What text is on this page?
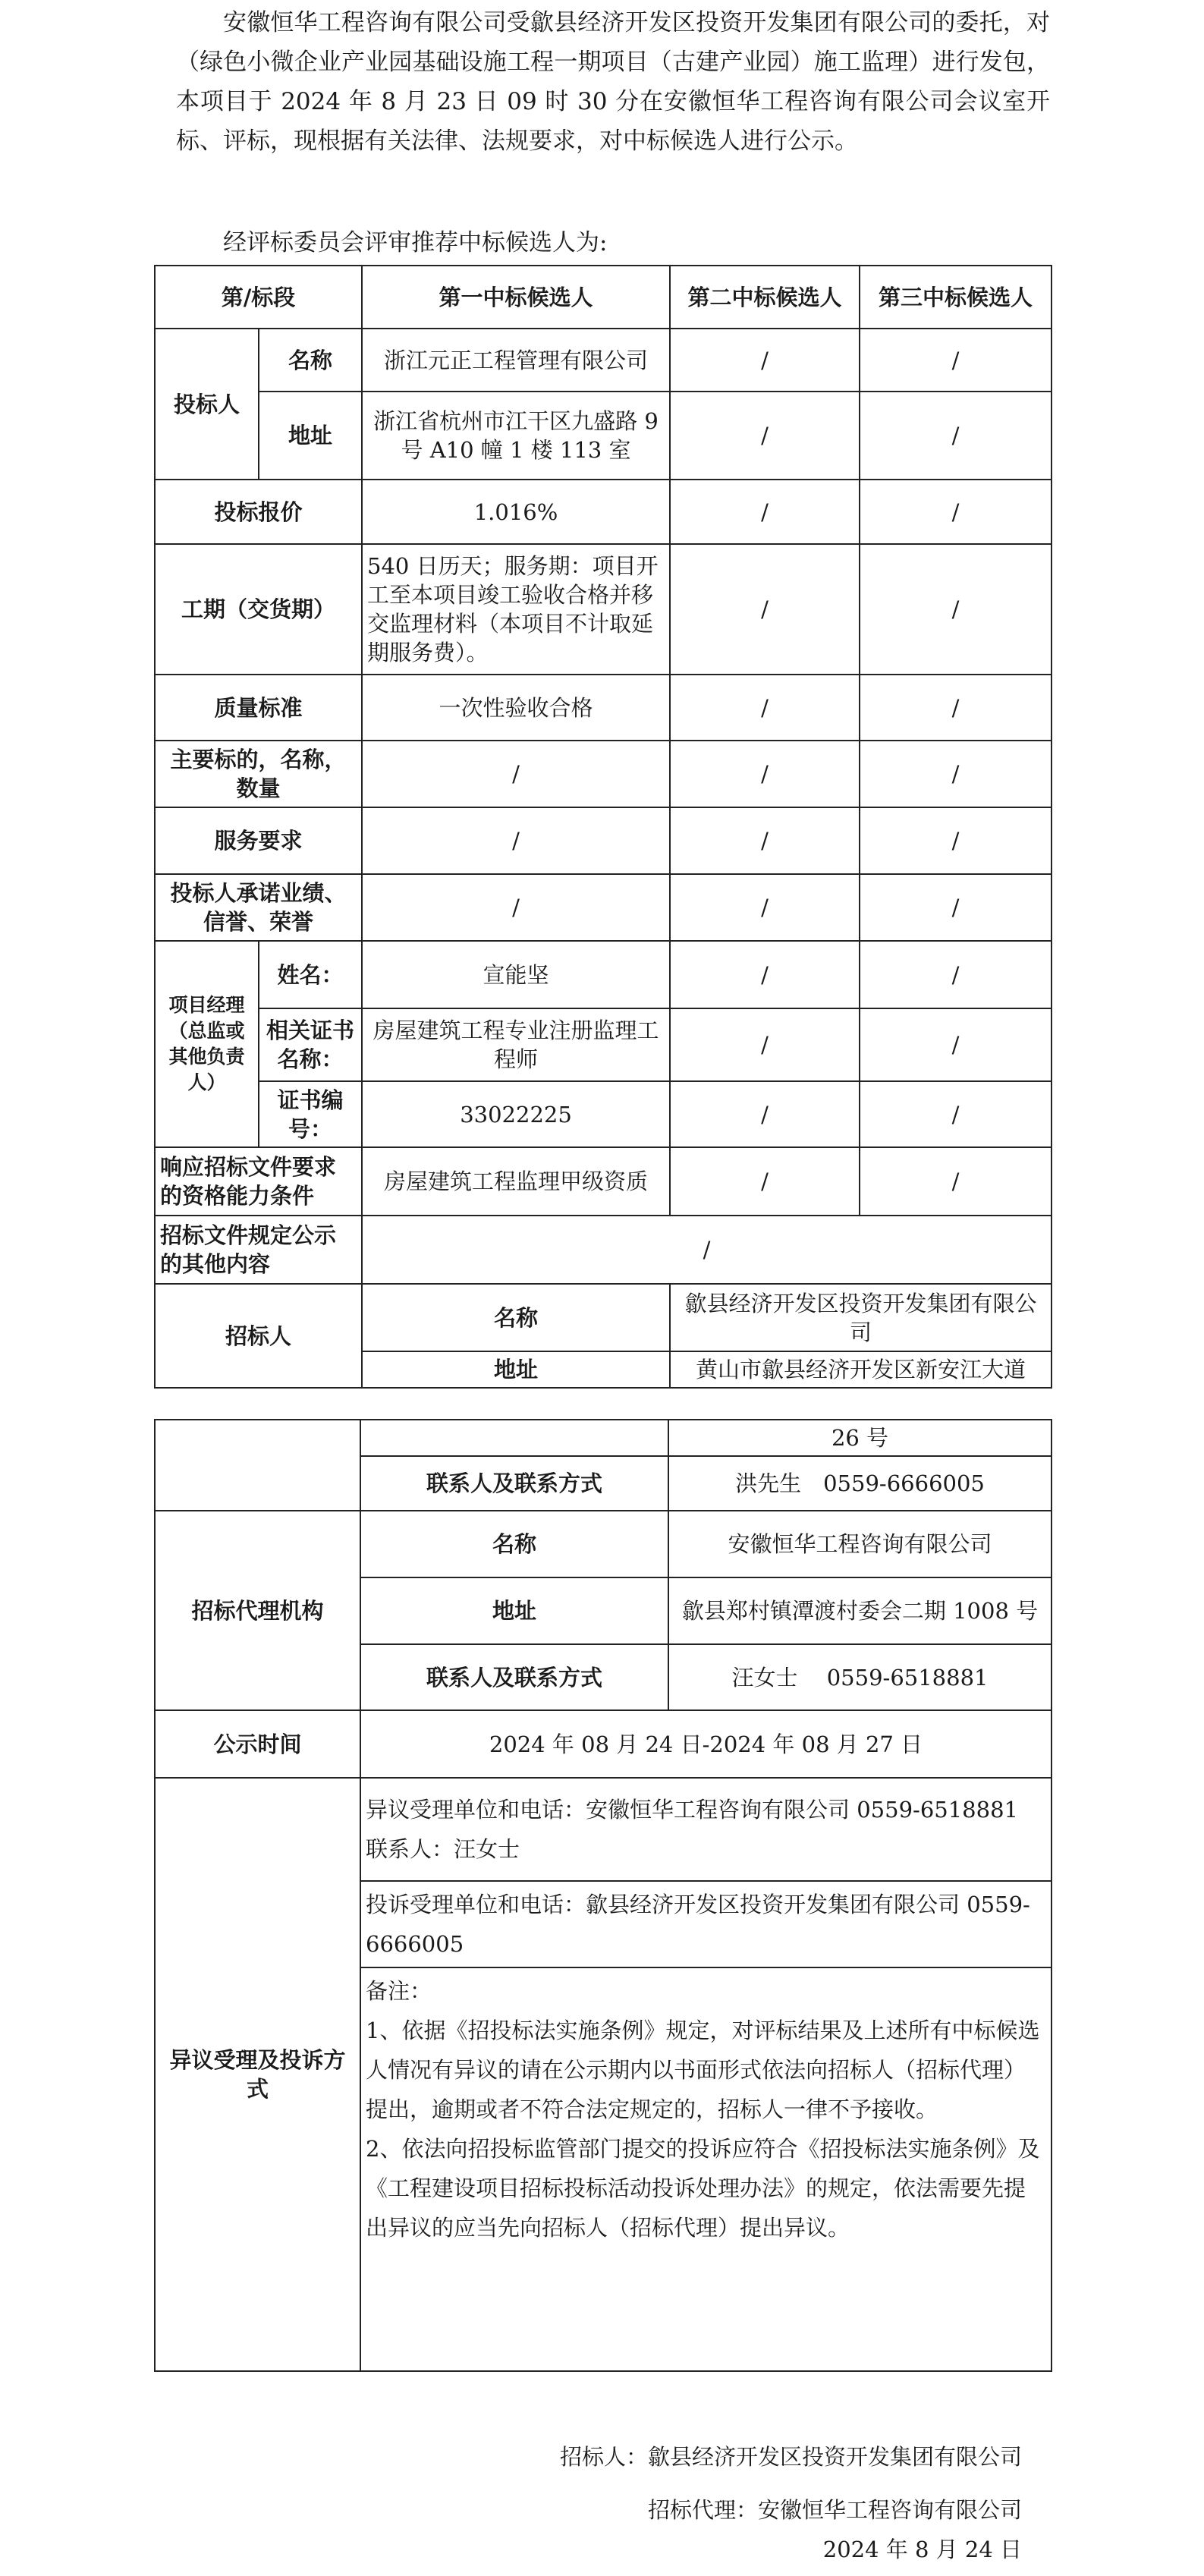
安徽恒华工程咨询有限公司受歙县经济开发区投资开发集团有限公司的委托，对（绿色小微企业产业园基础设施工程一期项目（古建产业园）施工监理）进行发包，本项目于 2024 年 8 月 23 日 09 时 30 分在安徽恒华工程咨询有限公司会议室开标、评标，现根据有关法律、法规要求，对中标候选人进行公示。

经评标委员会评审推荐中标候选人为:

第/标段		第一中标候选人	第二中标候选人	第三中标候选人
投标人	名称	浙江元正工程管理有限公司	/	/
	地址	浙江省杭州市江干区九盛路 9 号 A10 幢 1 楼 113 室	/	/
投标报价		1.016%	/	/
工期（交货期）		540 日历天；服务期：项目开工至本项目竣工验收合格并移交监理材料（本项目不计取延期服务费）。	/	/
质量标准		一次性验收合格	/	/
主要标的，名称，数量		/	/	/
服务要求		/	/	/
投标人承诺业绩、信誉、荣誉		/	/	/
项目经理（总监或其他负责人）	姓名：	宣能坚	/	/
	相关证书名称：	房屋建筑工程专业注册监理工程师	/	/
	证书编号：	33022225	/	/
响应招标文件要求的资格能力条件		房屋建筑工程监理甲级资质	/	/
招标文件规定公示的其他内容		/		
招标人		名称	歙县经济开发区投资开发集团有限公司	
		地址	黄山市歙县经济开发区新安江大道	
		26 号
	联系人及联系方式	洪先生　0559-6666005
招标代理机构	名称	安徽恒华工程咨询有限公司
	地址	歙县郑村镇潭渡村委会二期 1008 号
	联系人及联系方式	汪女士　 0559-6518881
公示时间	2024 年 08 月 24 日-2024 年 08 月 27 日	
异议受理及投诉方式	异议受理单位和电话：安徽恒华工程咨询有限公司 0559-6518881 联系人：汪女士
投诉受理单位和电话：歙县经济开发区投资开发集团有限公司 0559-6666005

备注：
1、依据《招投标法实施条例》规定，对评标结果及上述所有中标候选人情况有异议的请在公示期内以书面形式依法向招标人（招标代理）提出，逾期或者不符合法定规定的，招标人一律不予接收。
2、依法向招投标监管部门提交的投诉应符合《招投标法实施条例》及《工程建设项目招标投标活动投诉处理办法》的规定，依法需要先提出异议的应当先向招标人（招标代理）提出异议。

招标人：歙县经济开发区投资开发集团有限公司

招标代理：安徽恒华工程咨询有限公司

2024 年 8 月 24 日
